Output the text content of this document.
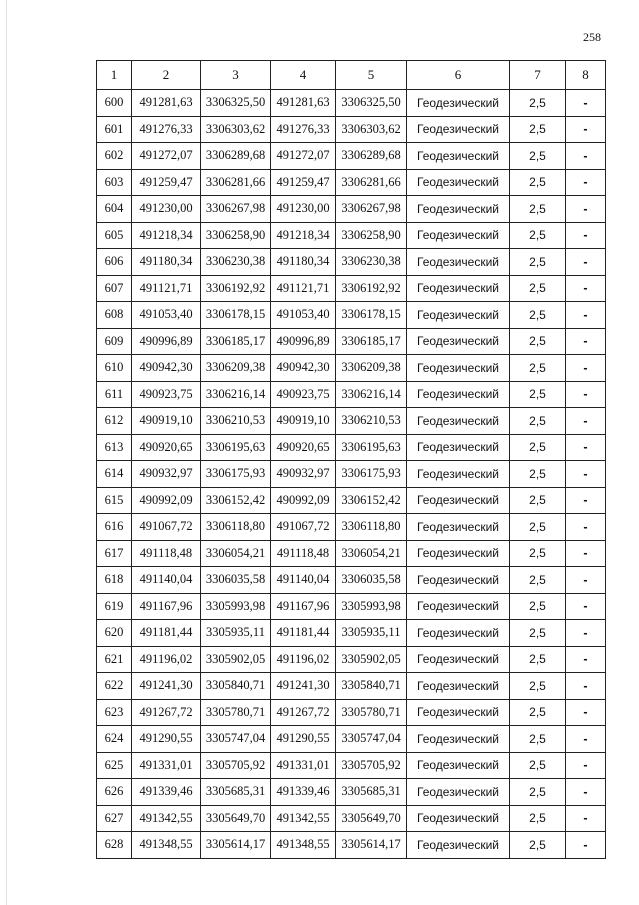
258
1	2	3	4	5	6	7	8
600	491281,63	3306325,50	491281,63	3306325,50	Геодезический	2,5	-
601	491276,33	3306303,62	491276,33	3306303,62	Геодезический	2,5	-
602	491272,07	3306289,68	491272,07	3306289,68	Геодезический	2,5	-
603	491259,47	3306281,66	491259,47	3306281,66	Геодезический	2,5	-
604	491230,00	3306267,98	491230,00	3306267,98	Геодезический	2,5	-
605	491218,34	3306258,90	491218,34	3306258,90	Геодезический	2,5	-
606	491180,34	3306230,38	491180,34	3306230,38	Геодезический	2,5	-
607	491121,71	3306192,92	491121,71	3306192,92	Геодезический	2,5	-
608	491053,40	3306178,15	491053,40	3306178,15	Геодезический	2,5	-
609	490996,89	3306185,17	490996,89	3306185,17	Геодезический	2,5	-
610	490942,30	3306209,38	490942,30	3306209,38	Геодезический	2,5	-
611	490923,75	3306216,14	490923,75	3306216,14	Геодезический	2,5	-
612	490919,10	3306210,53	490919,10	3306210,53	Геодезический	2,5	-
613	490920,65	3306195,63	490920,65	3306195,63	Геодезический	2,5	-
614	490932,97	3306175,93	490932,97	3306175,93	Геодезический	2,5	-
615	490992,09	3306152,42	490992,09	3306152,42	Геодезический	2,5	-
616	491067,72	3306118,80	491067,72	3306118,80	Геодезический	2,5	-
617	491118,48	3306054,21	491118,48	3306054,21	Геодезический	2,5	-
618	491140,04	3306035,58	491140,04	3306035,58	Геодезический	2,5	-
619	491167,96	3305993,98	491167,96	3305993,98	Геодезический	2,5	-
620	491181,44	3305935,11	491181,44	3305935,11	Геодезический	2,5	-
621	491196,02	3305902,05	491196,02	3305902,05	Геодезический	2,5	-
622	491241,30	3305840,71	491241,30	3305840,71	Геодезический	2,5	-
623	491267,72	3305780,71	491267,72	3305780,71	Геодезический	2,5	-
624	491290,55	3305747,04	491290,55	3305747,04	Геодезический	2,5	-
625	491331,01	3305705,92	491331,01	3305705,92	Геодезический	2,5	-
626	491339,46	3305685,31	491339,46	3305685,31	Геодезический	2,5	-
627	491342,55	3305649,70	491342,55	3305649,70	Геодезический	2,5	-
628	491348,55	3305614,17	491348,55	3305614,17	Геодезический	2,5	-
